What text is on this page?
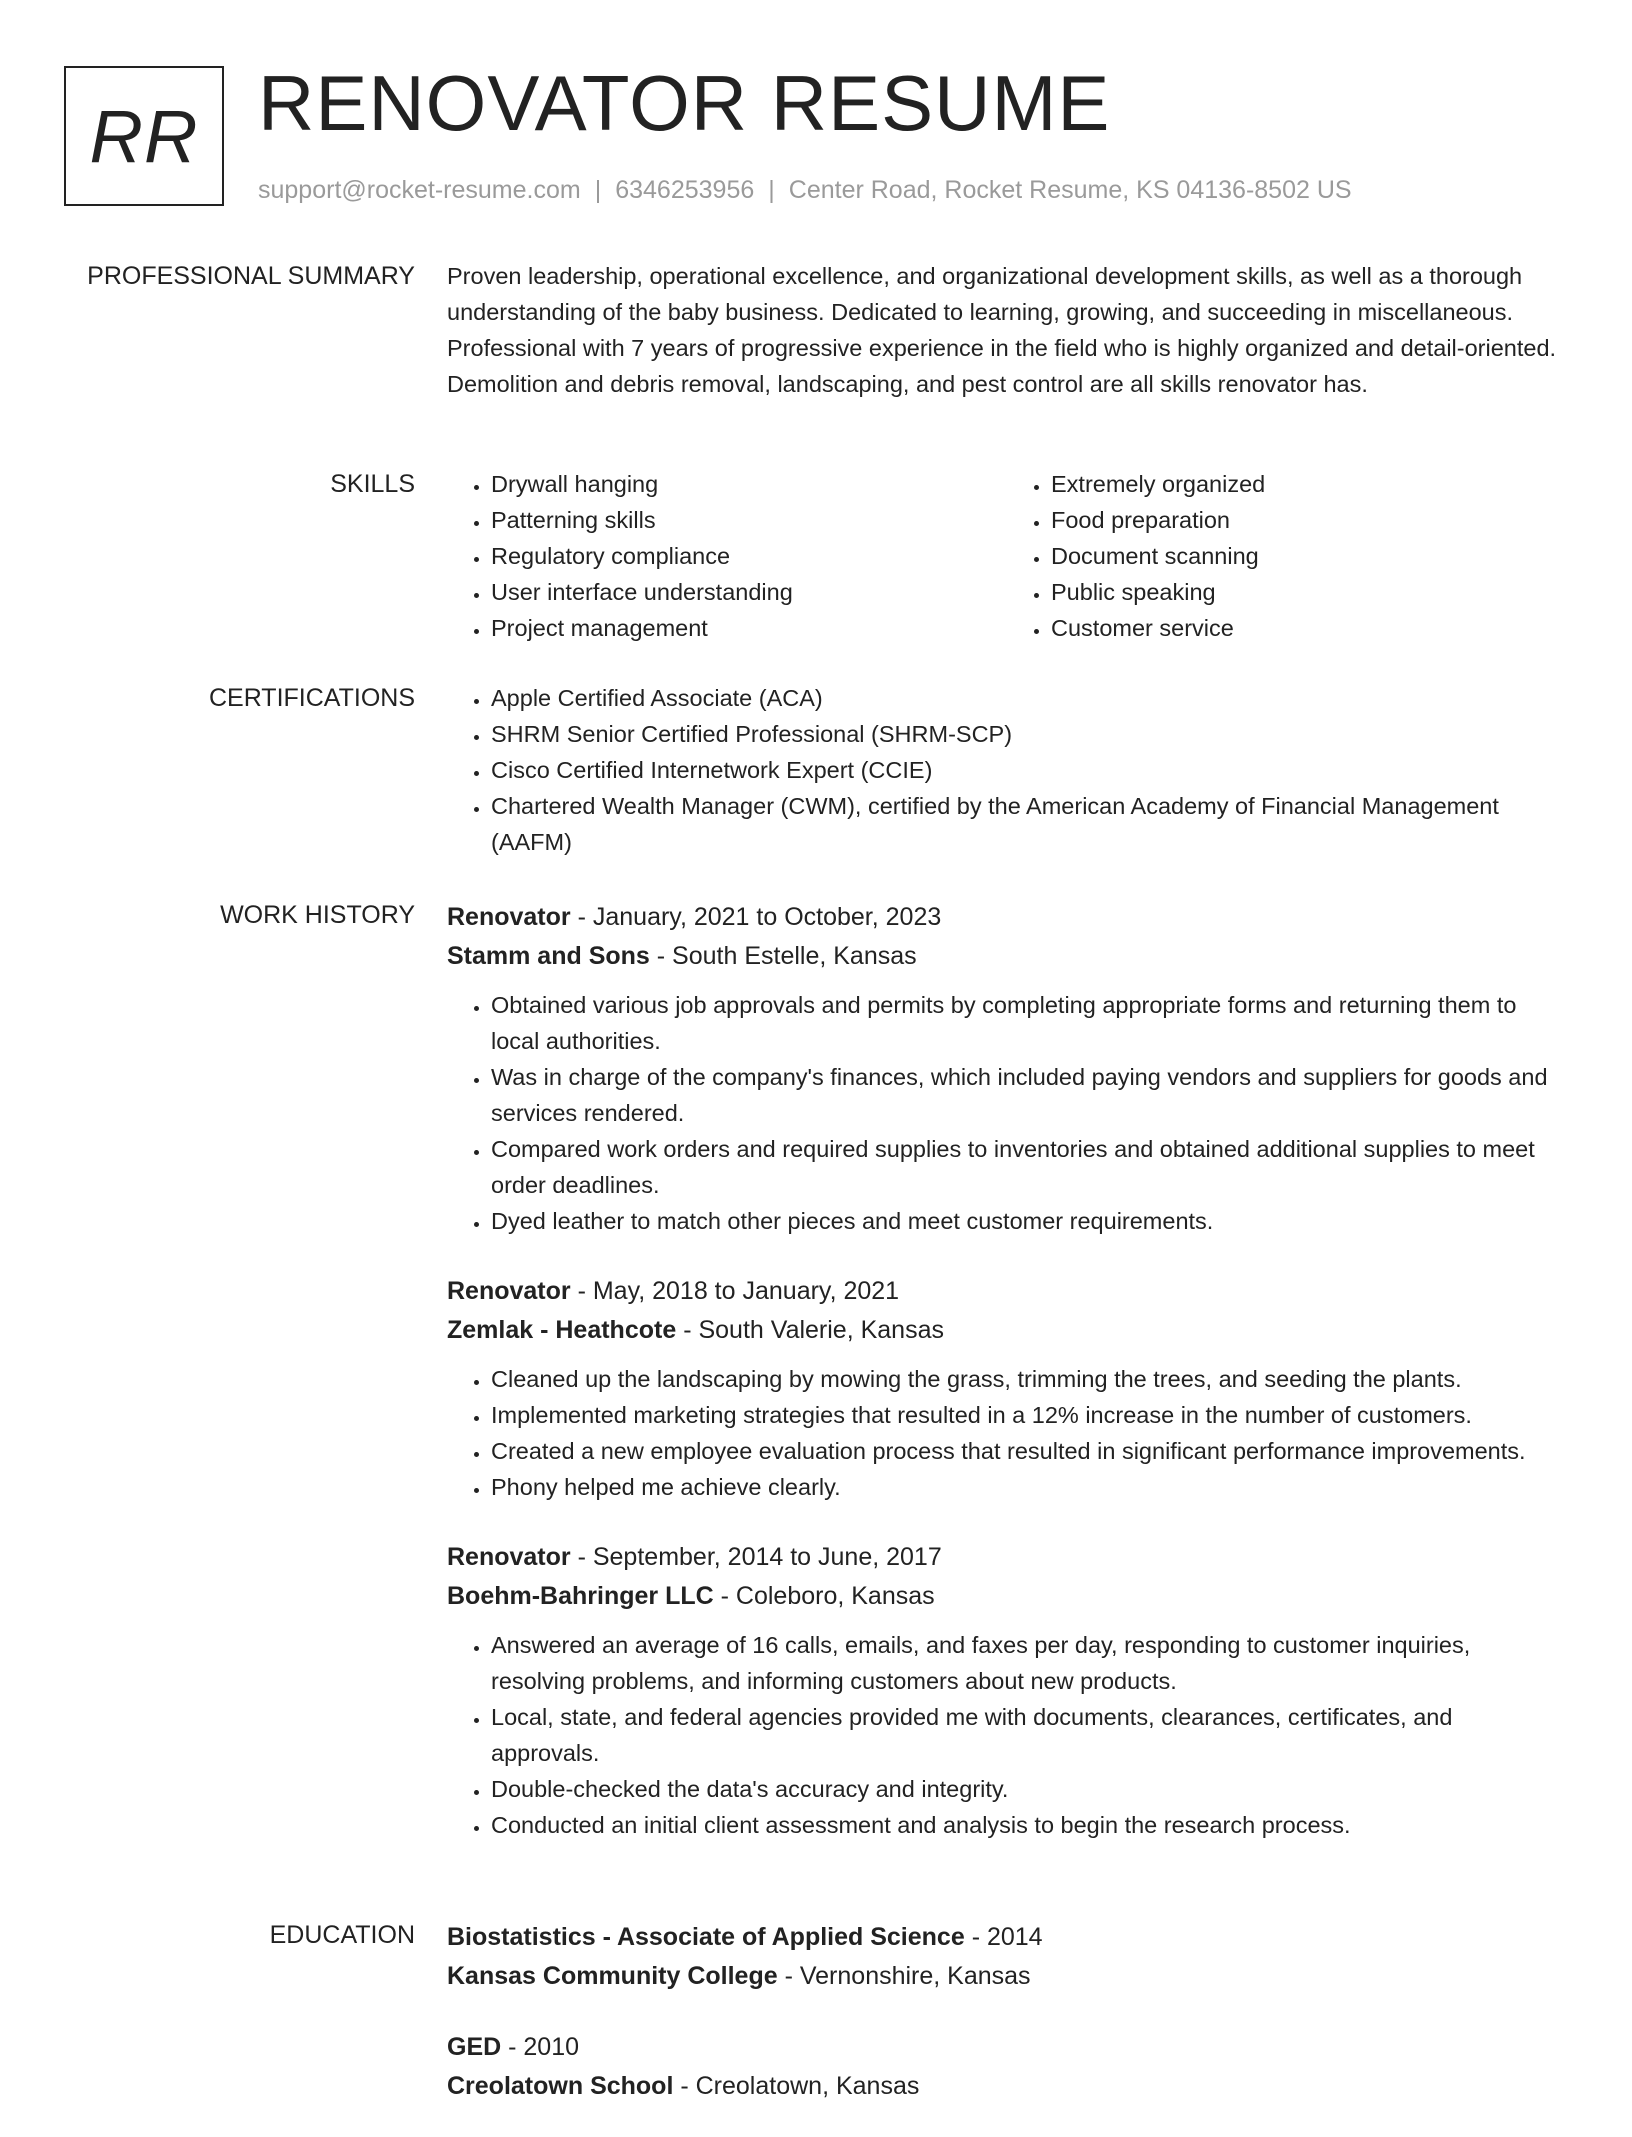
RR RENOVATOR RESUME
support@rocket-resume.com | 6346253956 | Center Road, Rocket Resume, KS 04136-8502 US
PROFESSIONAL SUMMARY Proven leadership, operational excellence, and organizational development skills, as well as a thorough understanding of the baby business. Dedicated to learning, growing, and succeeding in miscellaneous. Professional with 7 years of progressive experience in the field who is highly organized and detail-oriented. Demolition and debris removal, landscaping, and pest control are all skills renovator has.
SKILLS	• Drywall hanging
• Patterning skills
• Regulatory compliance
• User interface understanding
• Project management
• Extremely organized
• Food preparation
• Document scanning
• Public speaking
• Customer service
CERTIFICATIONS	• Apple Certified Associate (ACA)
• SHRM Senior Certified Professional (SHRM-SCP)
• Cisco Certified Internetwork Expert (CCIE)
• Chartered Wealth Manager (CWM), certified by the American Academy of Financial Management (AAFM)
WORK HISTORY Renovator - January, 2021 to October, 2023
Stamm and Sons - South Estelle, Kansas
• Obtained various job approvals and permits by completing appropriate forms and returning them to local authorities.
• Was in charge of the company's finances, which included paying vendors and suppliers for goods and services rendered.
• Compared work orders and required supplies to inventories and obtained additional supplies to meet order deadlines.
• Dyed leather to match other pieces and meet customer requirements.
Renovator - May, 2018 to January, 2021
Zemlak - Heathcote - South Valerie, Kansas
• Cleaned up the landscaping by mowing the grass, trimming the trees, and seeding the plants.
• Implemented marketing strategies that resulted in a 12% increase in the number of customers.
• Created a new employee evaluation process that resulted in significant performance improvements.
• Phony helped me achieve clearly.
Renovator - September, 2014 to June, 2017
Boehm-Bahringer LLC - Coleboro, Kansas
• Answered an average of 16 calls, emails, and faxes per day, responding to customer inquiries, resolving problems, and informing customers about new products.
• Local, state, and federal agencies provided me with documents, clearances, certificates, and approvals.
• Double-checked the data's accuracy and integrity.
• Conducted an initial client assessment and analysis to begin the research process.
EDUCATION Biostatistics - Associate of Applied Science - 2014
Kansas Community College - Vernonshire, Kansas
GED - 2010
Creolatown School - Creolatown, Kansas
